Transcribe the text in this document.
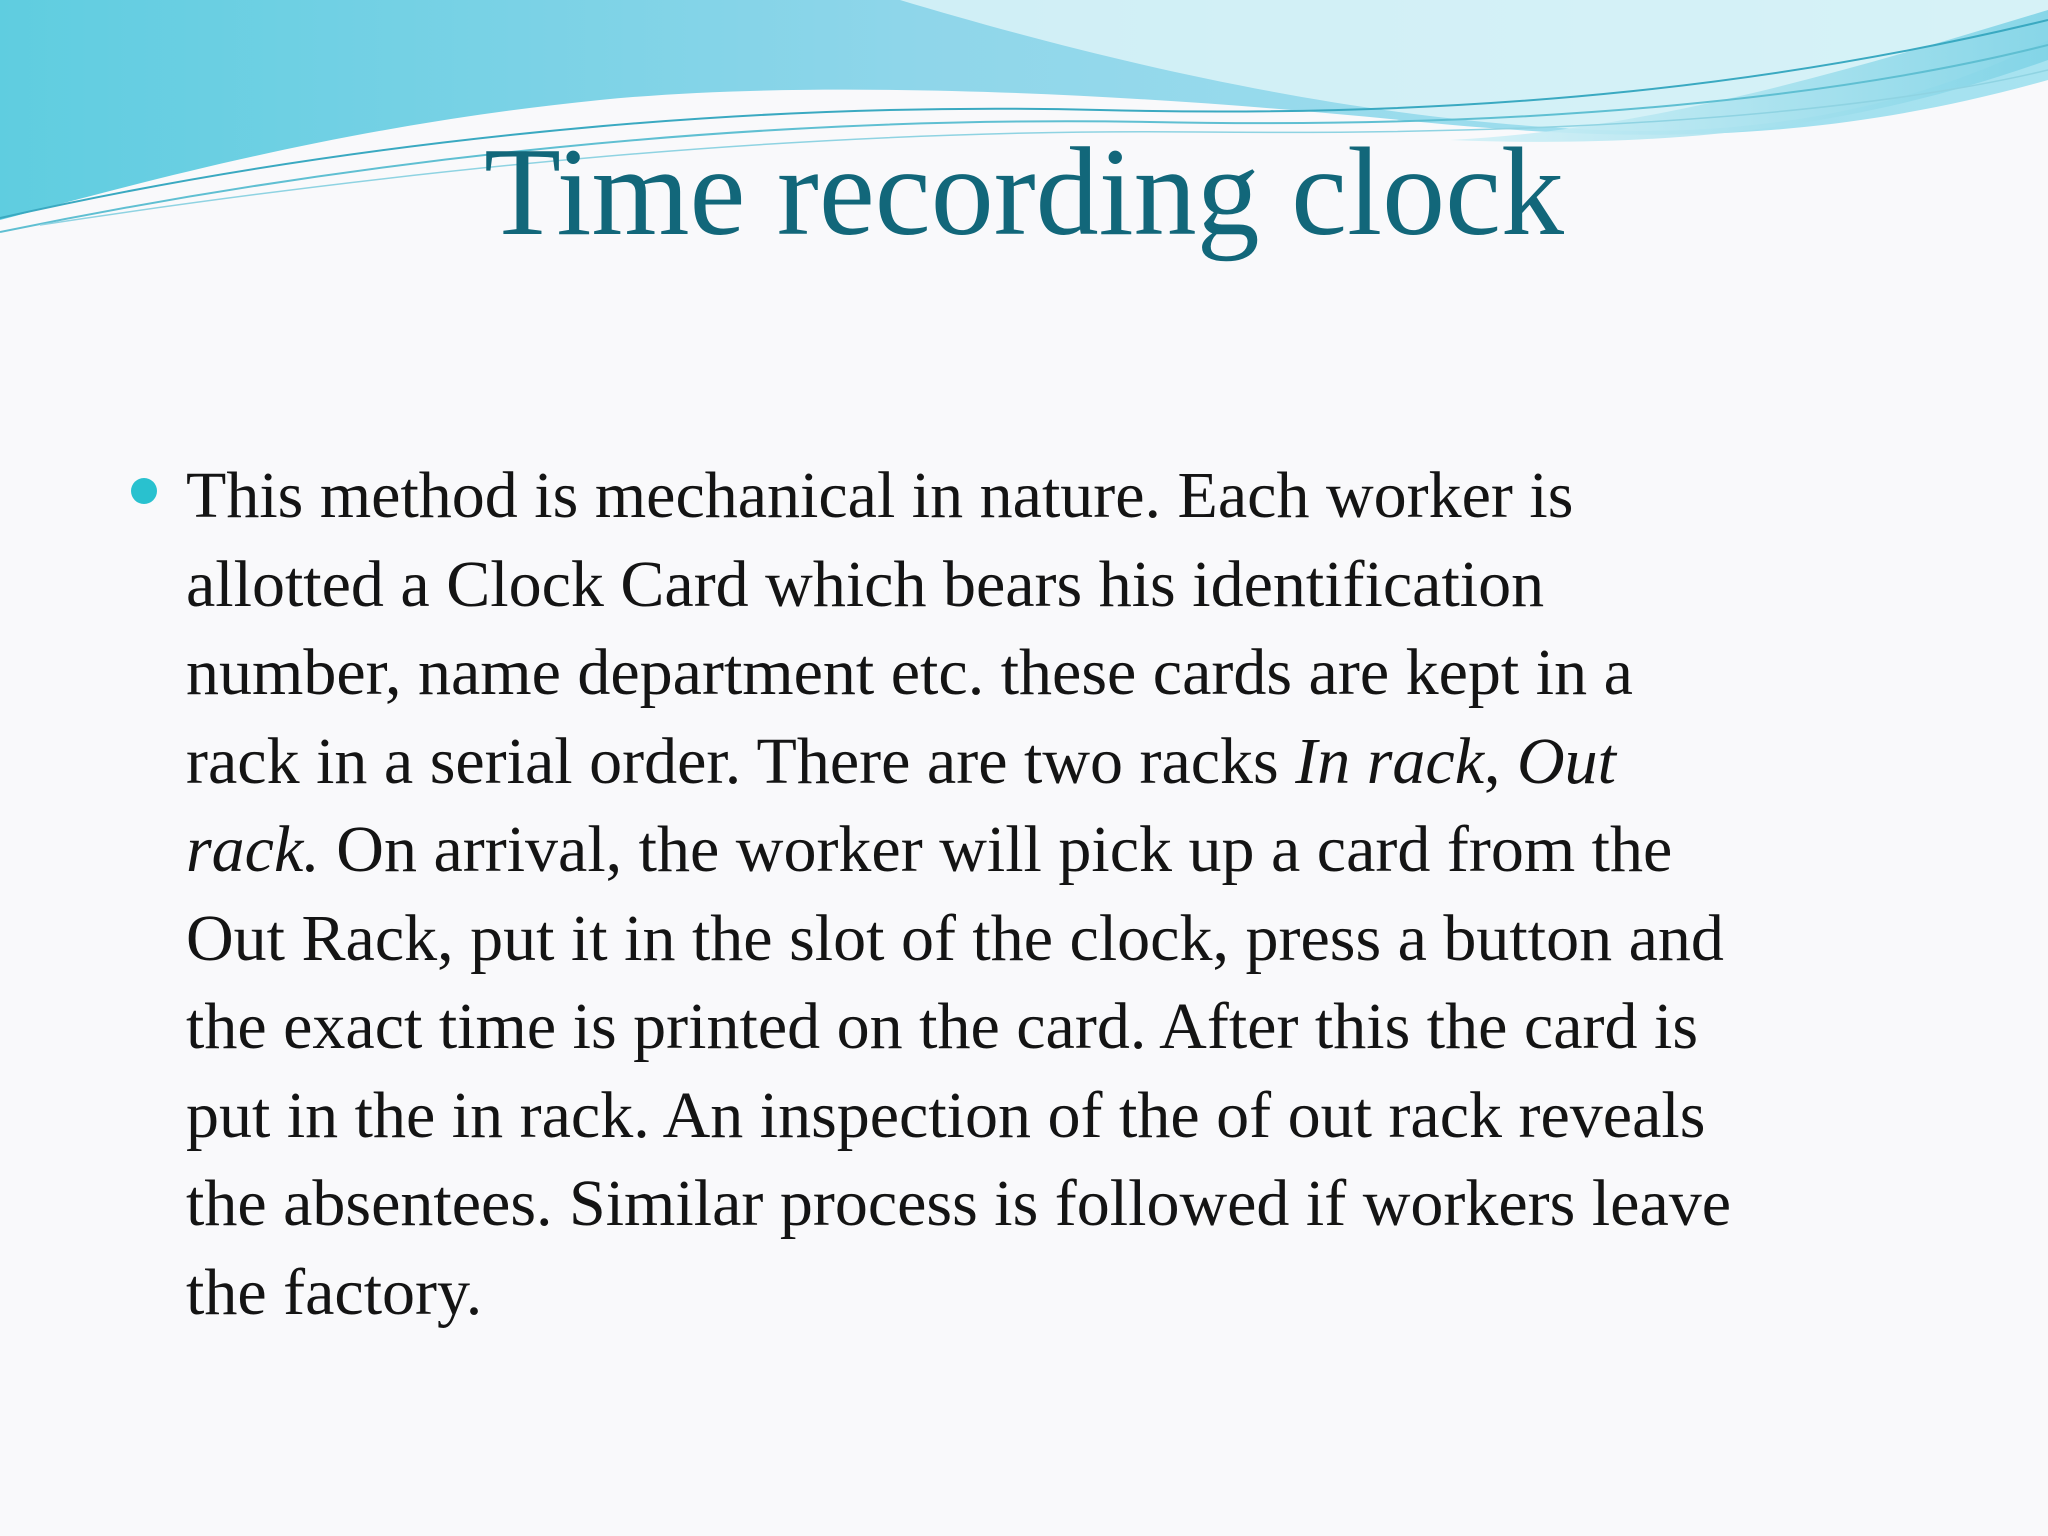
Time recording clock

This method is mechanical in nature. Each worker is
allotted a Clock Card which bears his identification
number, name department etc. these cards are kept in a
rack in a serial order. There are two racks In rack, Out
rack. On arrival, the worker will pick up a card from the
Out Rack, put it in the slot of the clock, press a button and
the exact time is printed on the card. After this the card is
put in the in rack. An inspection of the of out rack reveals
the absentees. Similar process is followed if workers leave
the factory.
